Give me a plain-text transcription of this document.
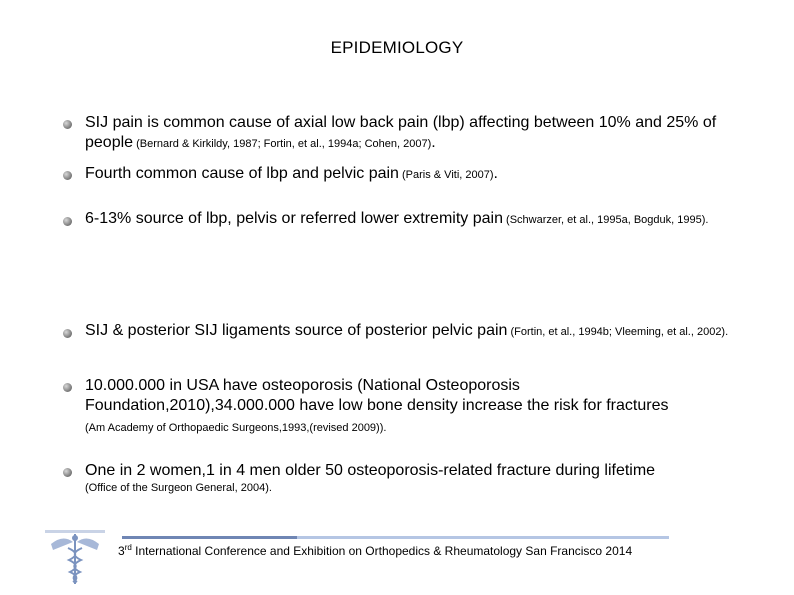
EPIDEMIOLOGY
SIJ pain is common cause of axial low back pain (lbp) affecting between 10% and 25% of people (Bernard & Kirkildy, 1987; Fortin, et al., 1994a; Cohen, 2007).
Fourth common cause of lbp and pelvic pain (Paris & Viti, 2007).
6-13% source of lbp, pelvis or referred lower extremity pain (Schwarzer, et al., 1995a, Bogduk, 1995).
SIJ & posterior SIJ ligaments source of posterior pelvic pain (Fortin, et al., 1994b; Vleeming, et al., 2002).
10.000.000 in USA have osteoporosis (National Osteoporosis Foundation,2010),34.000.000 have low bone density increase the risk for fractures (Am Academy of Orthopaedic Surgeons,1993,(revised 2009)).
One in 2 women,1 in 4 men older 50 osteoporosis-related fracture during lifetime
(Office of the Surgeon General, 2004).
3rd International Conference and Exhibition on Orthopedics & Rheumatology San Francisco 2014
